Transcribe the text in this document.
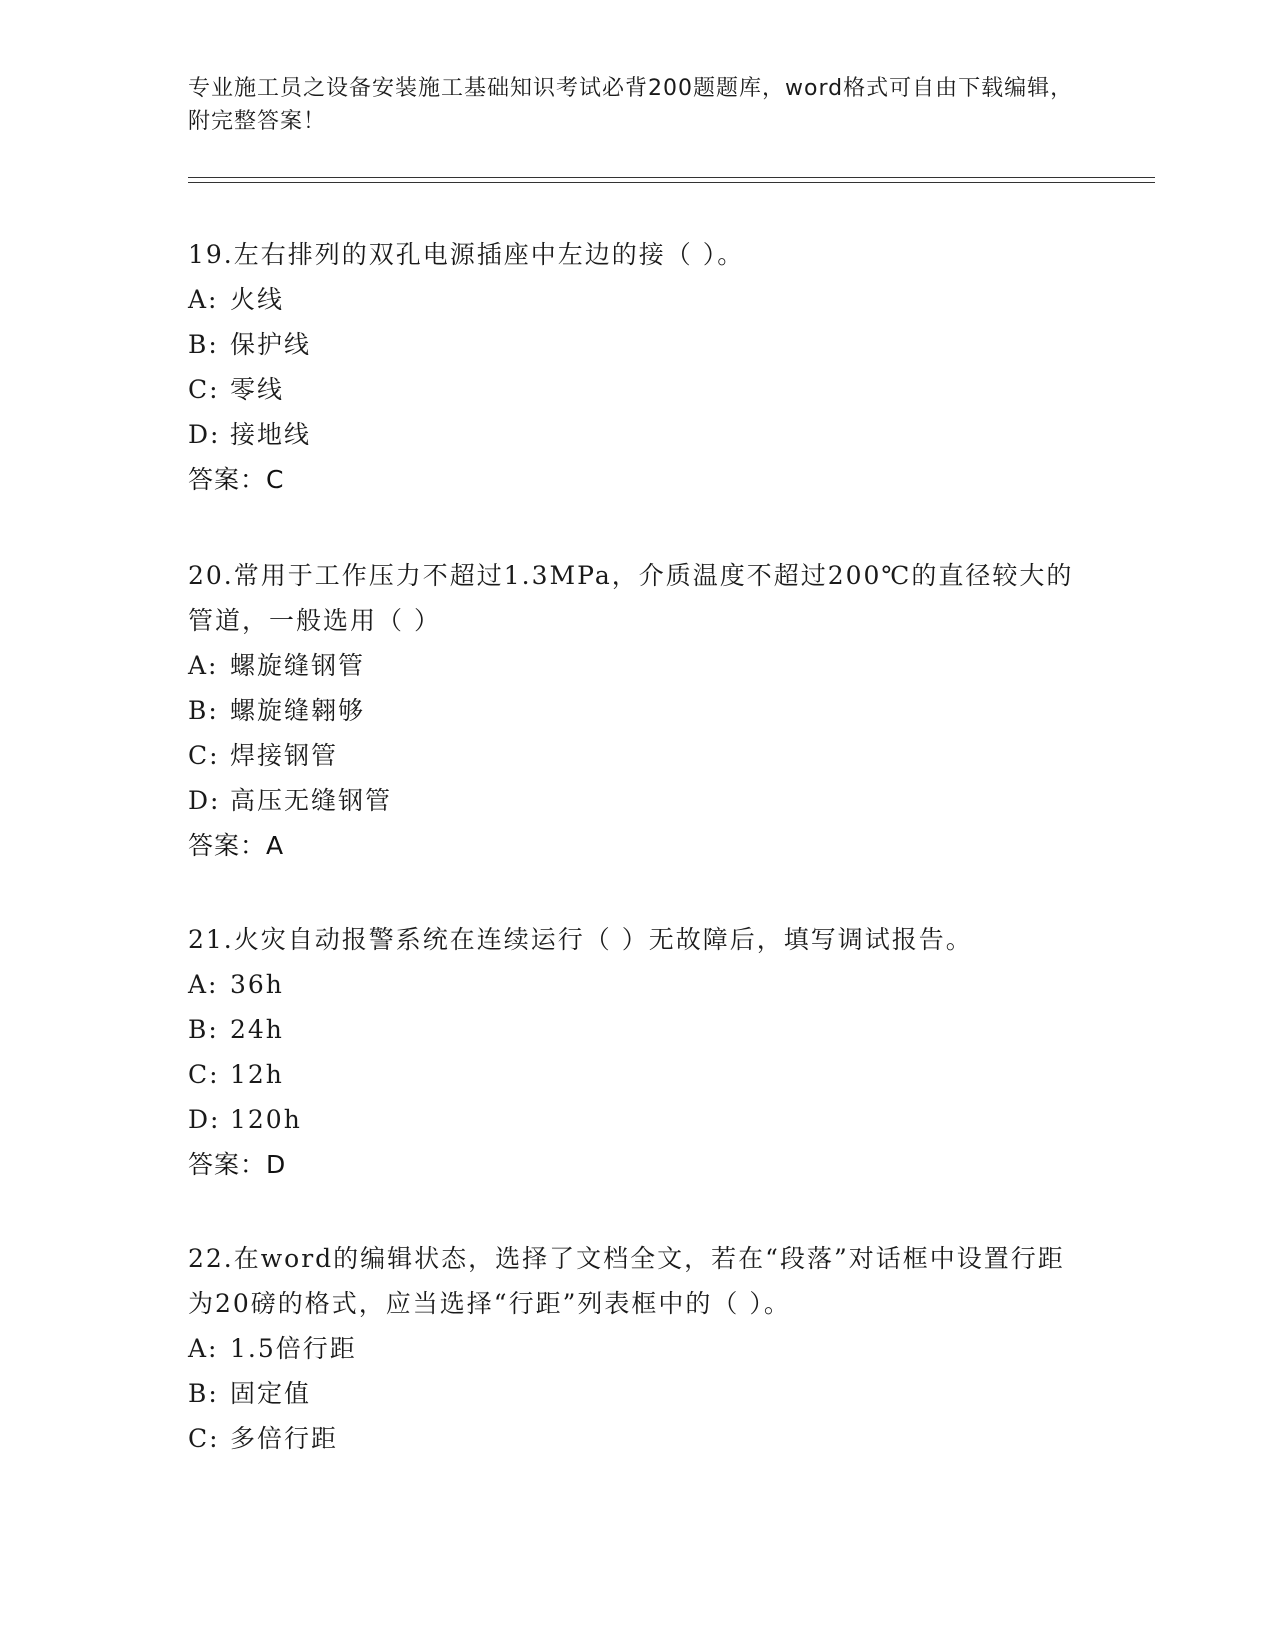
专业施工员之设备安装施工基础知识考试必背200题题库，word格式可自由下载编辑，附完整答案！

19.左右排列的双孔电源插座中左边的接（ ）。

A: 火线
B: 保护线
C: 零线
D: 接地线
答案：C

20.常用于工作压力不超过1.3MPa，介质温度不超过200℃的直径较大的管道，一般选用（ ）

A: 螺旋缝钢管
B: 螺旋缝翱够
C: 焊接钢管
D: 高压无缝钢管
答案：A

21.火灾自动报警系统在连续运行（ ）无故障后，填写调试报告。

A: 36h
B: 24h
C: 12h
D: 120h
答案：D

22.在word的编辑状态，选择了文档全文，若在“段落”对话框中设置行距为20磅的格式，应当选择“行距”列表框中的（ ）。

A: 1.5倍行距
B: 固定值
C: 多倍行距
